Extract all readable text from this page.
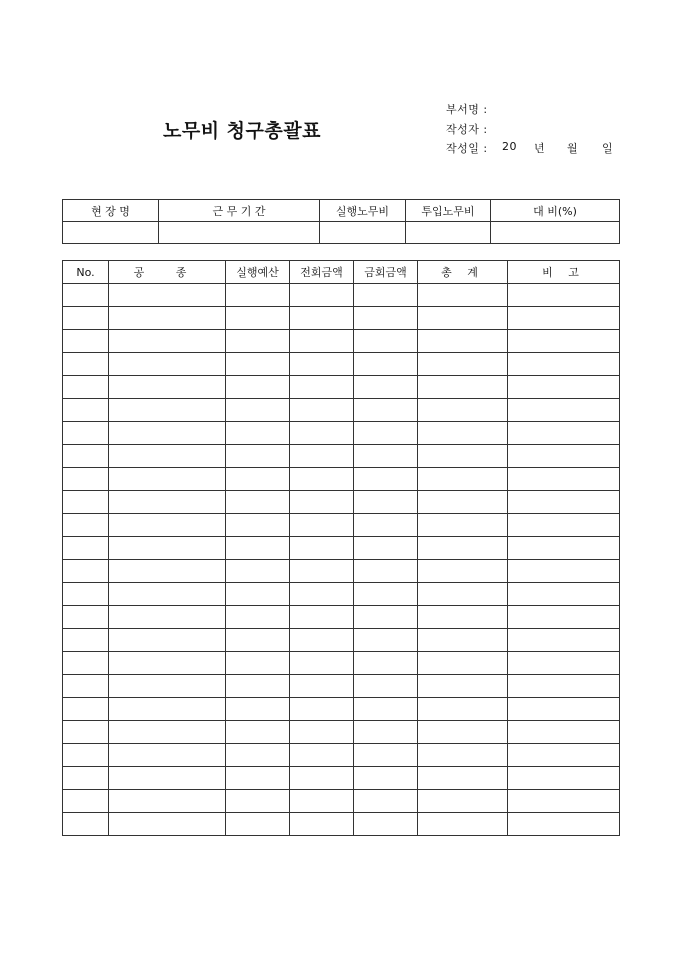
노무비 청구총괄표
부서명 :
작성자 :
작성일 : 20 년 월 일
현 장 명	근 무 기 간	실행노무비	투입노무비	대 비(%)

No.	공 종	실행예산	전회금액	금회금액	총 계	비 고
